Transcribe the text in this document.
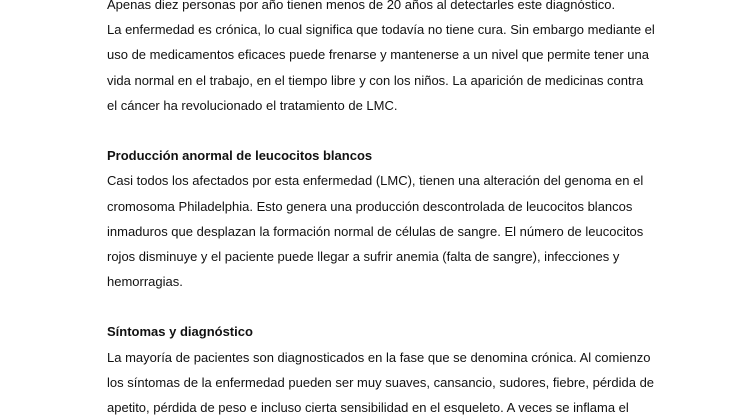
Apenas diez personas por año tienen menos de 20 años al detectarles este diagnóstico.
La enfermedad es crónica, lo cual significa que todavía no tiene cura. Sin embargo mediante el
uso de medicamentos eficaces puede frenarse y mantenerse a un nivel que permite tener una
vida normal en el trabajo, en el tiempo libre y con los niños. La aparición de medicinas contra
el cáncer ha revolucionado el tratamiento de LMC.
Producción anormal de leucocitos blancos
Casi todos los afectados por esta enfermedad (LMC), tienen una alteración del genoma en el
cromosoma Philadelphia. Esto genera una producción descontrolada de leucocitos blancos
inmaduros que desplazan la formación normal de células de sangre. El número de leucocitos
rojos disminuye y el paciente puede llegar a sufrir anemia (falta de sangre), infecciones y
hemorragias.
Síntomas y diagnóstico
La mayoría de pacientes son diagnosticados en la fase que se denomina crónica. Al comienzo
los síntomas de la enfermedad pueden ser muy suaves, cansancio, sudores, fiebre, pérdida de
apetito, pérdida de peso e incluso cierta sensibilidad en el esqueleto. A veces se inflama el
